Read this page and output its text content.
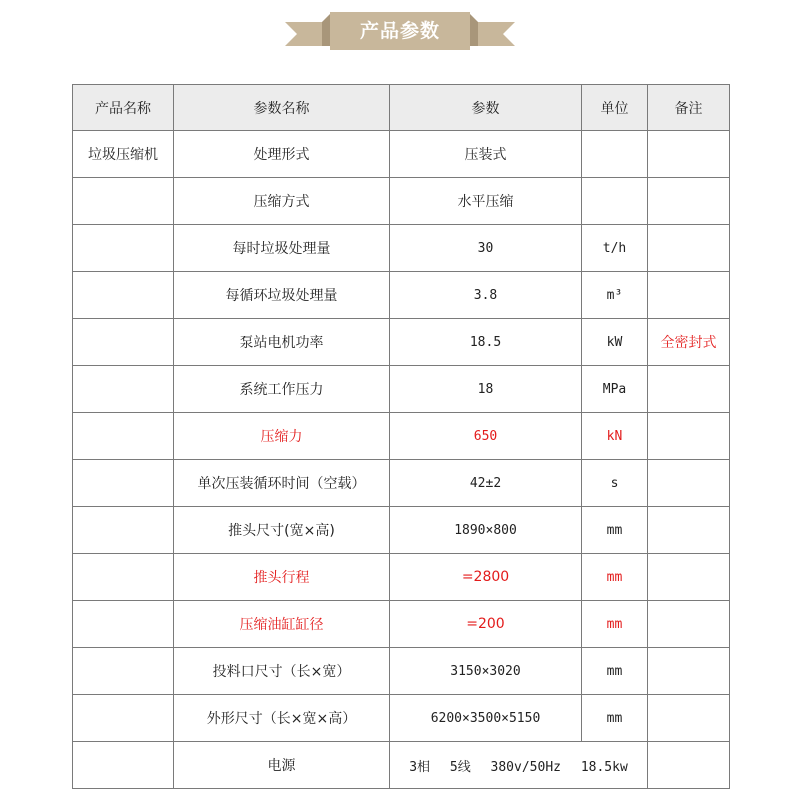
产品参数
产品名称	参数名称	参数	单位	备注
垃圾压缩机	处理形式	压装式		
	压缩方式	水平压缩		
	每时垃圾处理量	30	t/h	
	每循环垃圾处理量	3.8	m³	
	泵站电机功率	18.5	kW	全密封式
	系统工作压力	18	MPa	
	压缩力	650	kN	
	单次压装循环时间（空载）	42±2	s	
	推头尺寸(宽×高)	1890×800	mm	
	推头行程	=2800	mm	
	压缩油缸缸径	=200	mm	
	投料口尺寸（长×宽）	3150×3020	mm	
	外形尺寸（长×宽×高）	6200×3500×5150	mm	
	电源	3相 5线 380v/50Hz 18.5kw		
